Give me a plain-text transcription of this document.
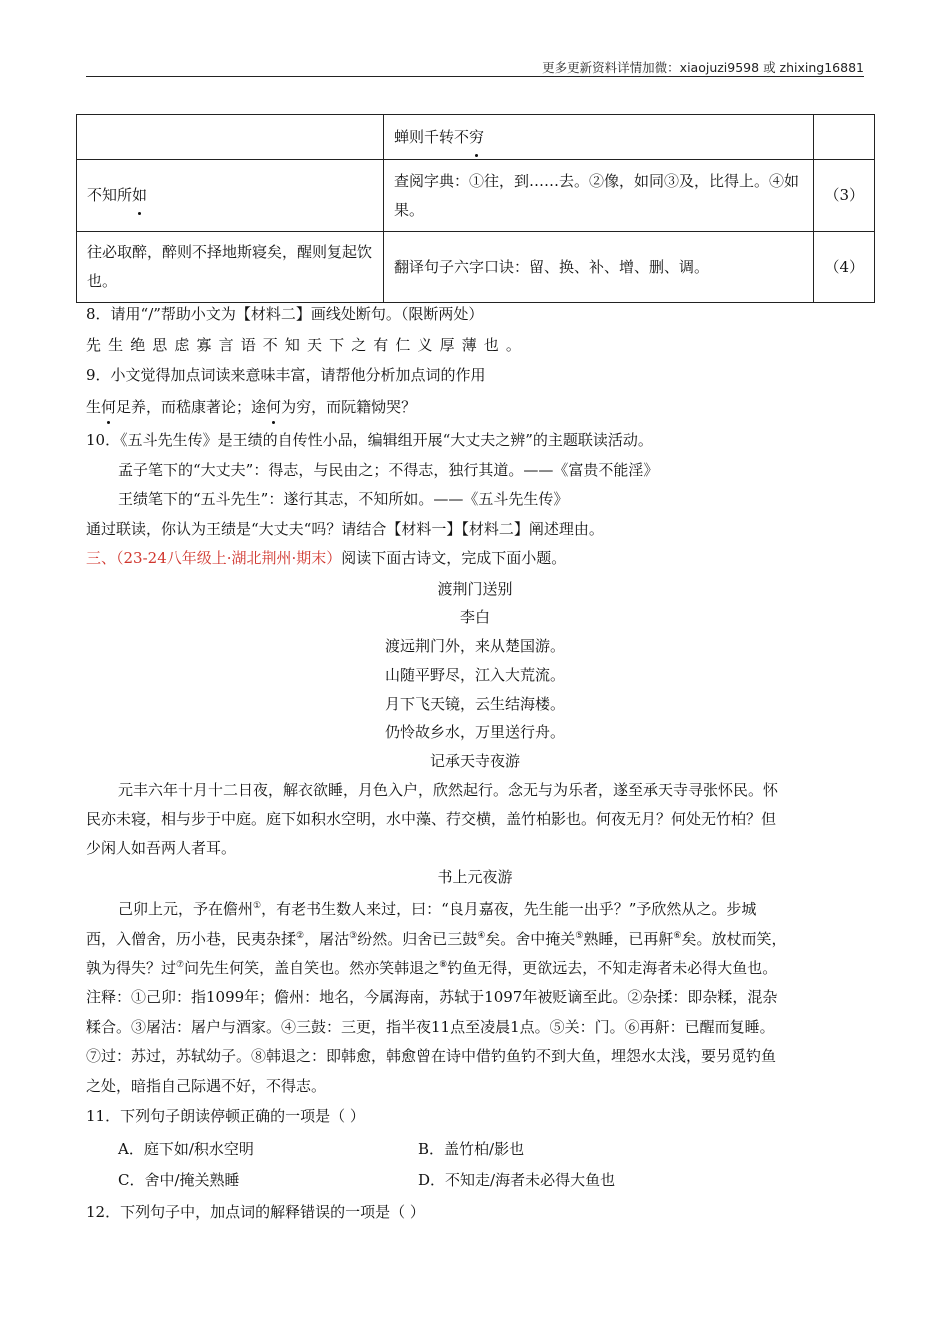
更多更新资料详情加微：xiaojuzi9598 或 zhixing16881
	蝉则千转不穷	
不知所如	查阅字典：①往，到……去。②像，如同③及，比得上。④如果。	（3）
往必取醉，醉则不择地斯寝矣，醒则复起饮也。	翻译句子六字口诀：留、换、补、增、删、调。	（4）
8．请用“/”帮助小文为【材料二】画线处断句。（限断两处）
先生绝思虑寡言语不知天下之有仁义厚薄也。
9．小文觉得加点词读来意味丰富，请帮他分析加点词的作用
生何足养，而嵇康著论；途何为穷，而阮籍恸哭？
10．《五斗先生传》是王绩的自传性小品，编辑组开展“大丈夫之辨”的主题联读活动。
孟子笔下的“大丈夫”：得志，与民由之；不得志，独行其道。——《富贵不能淫》
王绩笔下的“五斗先生”：遂行其志，不知所如。——《五斗先生传》
通过联读，你认为王绩是“大丈夫“吗？请结合【材料一】【材料二】阐述理由。
三、（23-24八年级上·湖北荆州·期末）阅读下面古诗文，完成下面小题。
渡荆门送别
李白
渡远荆门外，来从楚国游。
山随平野尽，江入大荒流。
月下飞天镜，云生结海楼。
仍怜故乡水，万里送行舟。
记承天寺夜游
元丰六年十月十二日夜，解衣欲睡，月色入户，欣然起行。念无与为乐者，遂至承天寺寻张怀民。怀
民亦未寝，相与步于中庭。庭下如积水空明，水中藻、荇交横，盖竹柏影也。何夜无月？何处无竹柏？但
少闲人如吾两人者耳。
书上元夜游
己卯上元，予在儋州①，有老书生数人来过，曰：“良月嘉夜，先生能一出乎？”予欣然从之。步城
西，入僧舍，历小巷，民夷杂揉②，屠沽③纷然。归舍已三鼓④矣。舍中掩关⑤熟睡，已再鼾⑥矣。放杖而笑，
孰为得失？过⑦问先生何笑，盖自笑也。然亦笑韩退之⑧钓鱼无得，更欲远去，不知走海者未必得大鱼也。
注释：①己卯：指1099年；儋州：地名，今属海南，苏轼于1097年被贬谪至此。②杂揉：即杂糅，混杂
糅合。③屠沽：屠户与酒家。④三鼓：三更，指半夜11点至凌晨1点。⑤关：门。⑥再鼾：已醒而复睡。
⑦过：苏过，苏轼幼子。⑧韩退之：即韩愈，韩愈曾在诗中借钓鱼钓不到大鱼，埋怨水太浅，要另觅钓鱼
之处，暗指自己际遇不好，不得志。
11．下列句子朗读停顿正确的一项是（ ）
A．庭下如/积水空明	B．盖竹柏/影也
C．舍中/掩关熟睡	D．不知走/海者未必得大鱼也
12．下列句子中，加点词的解释错误的一项是（ ）
